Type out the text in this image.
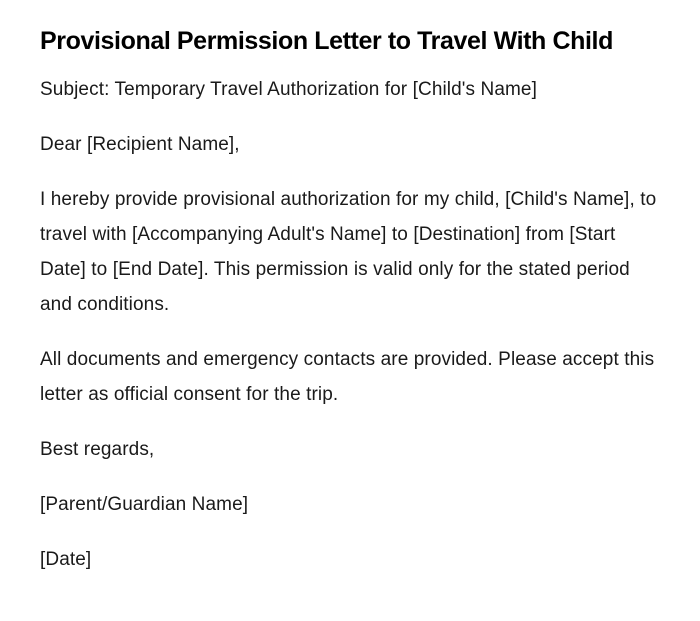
Provisional Permission Letter to Travel With Child

Subject: Temporary Travel Authorization for [Child's Name]

Dear [Recipient Name],

I hereby provide provisional authorization for my child, [Child's Name], to travel with [Accompanying Adult's Name] to [Destination] from [Start Date] to [End Date]. This permission is valid only for the stated period and conditions.

All documents and emergency contacts are provided. Please accept this letter as official consent for the trip.

Best regards,

[Parent/Guardian Name]

[Date]
